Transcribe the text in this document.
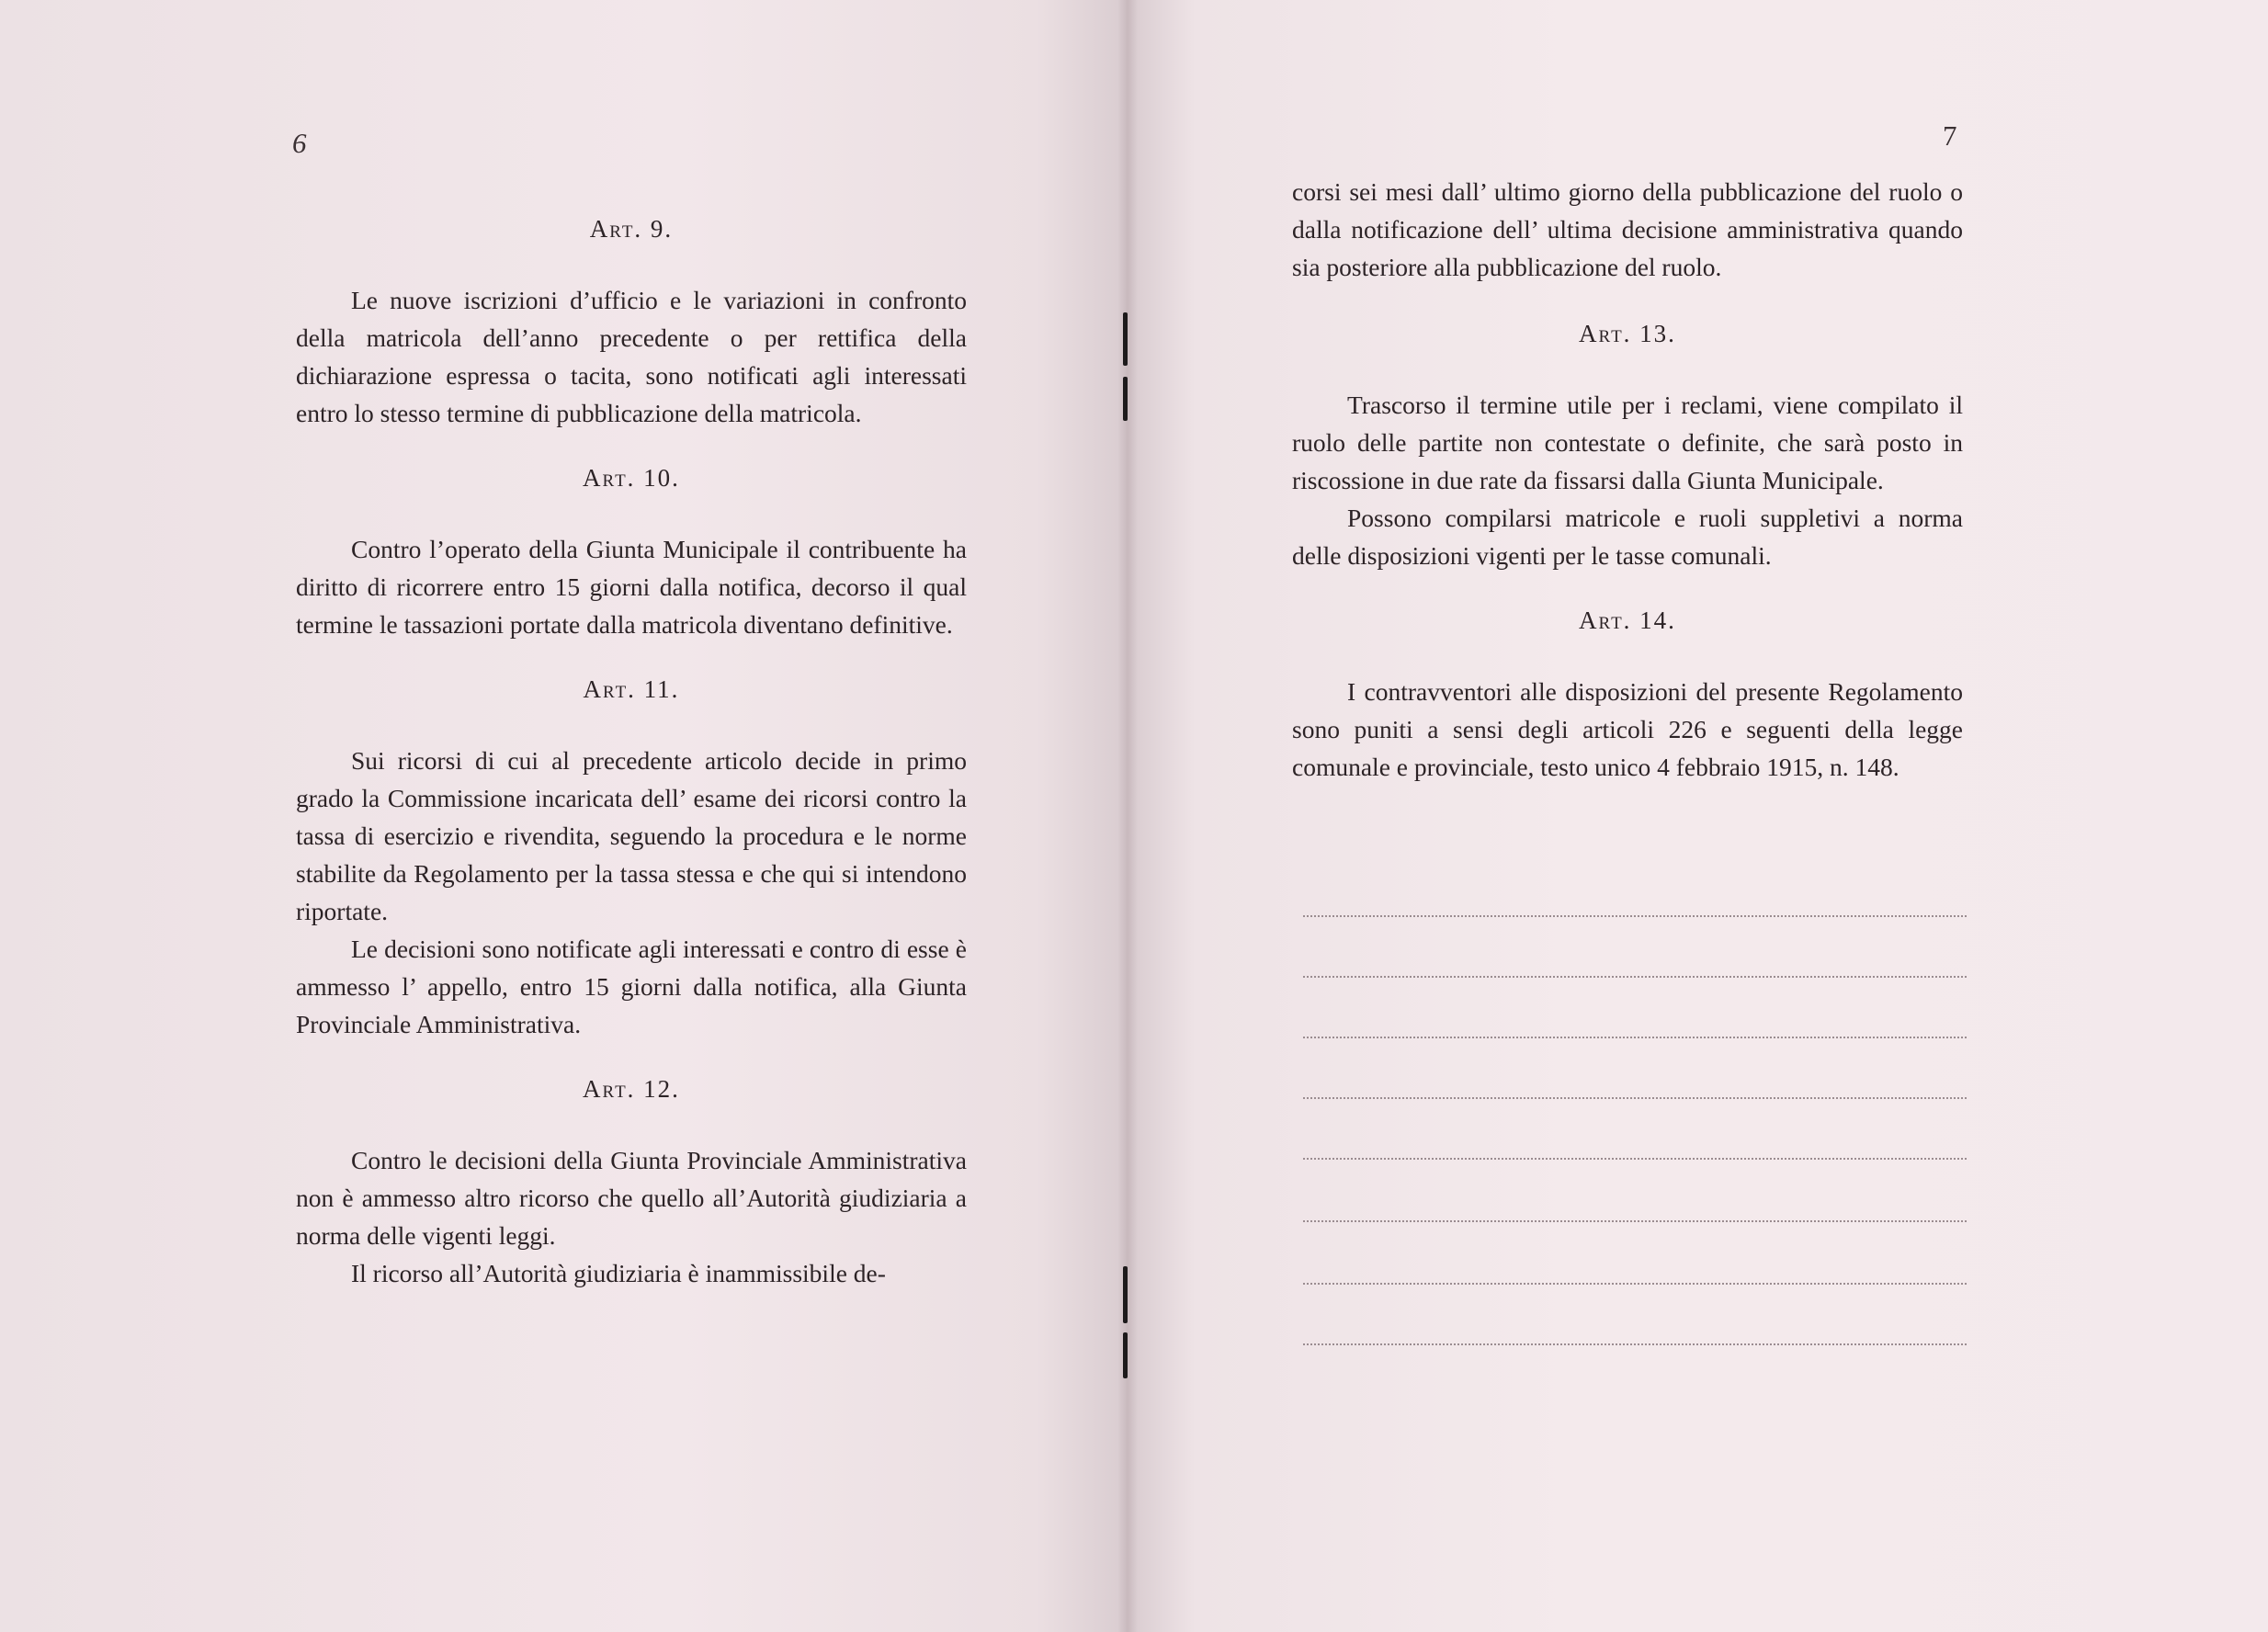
6
Art. 9.

Le nuove iscrizioni d’ufficio e le variazioni in confronto della matricola dell’anno precedente o per rettifica della dichiarazione espressa o tacita, sono notificati agli interessati entro lo stesso termine di pubblicazione della matricola.

Art. 10.

Contro l’operato della Giunta Municipale il contribuente ha diritto di ricorrere entro 15 giorni dalla notifica, decorso il qual termine le tassazioni portate dalla matricola diventano definitive.

Art. 11.

Sui ricorsi di cui al precedente articolo decide in primo grado la Commissione incaricata dell’ esame dei ricorsi contro la tassa di esercizio e rivendita, seguendo la procedura e le norme stabilite da Regolamento per la tassa stessa e che qui si intendono riportate.

Le decisioni sono notificate agli interessati e contro di esse è ammesso l’ appello, entro 15 giorni dalla notifica, alla Giunta Provinciale Amministrativa.

Art. 12.

Contro le decisioni della Giunta Provinciale Amministrativa non è ammesso altro ricorso che quello all’Autorità giudiziaria a norma delle vigenti leggi.

Il ricorso all’Autorità giudiziaria è inammissibile de-

7

corsi sei mesi dall’ ultimo giorno della pubblicazione del ruolo o dalla notificazione dell’ ultima decisione amministrativa quando sia posteriore alla pubblicazione del ruolo.

Art. 13.

Trascorso il termine utile per i reclami, viene compilato il ruolo delle partite non contestate o definite, che sarà posto in riscossione in due rate da fissarsi dalla Giunta Municipale.

Possono compilarsi matricole e ruoli suppletivi a norma delle disposizioni vigenti per le tasse comunali.

Art. 14.

I contravventori alle disposizioni del presente Regolamento sono puniti a sensi degli articoli 226 e seguenti della legge comunale e provinciale, testo unico 4 febbraio 1915, n. 148.
